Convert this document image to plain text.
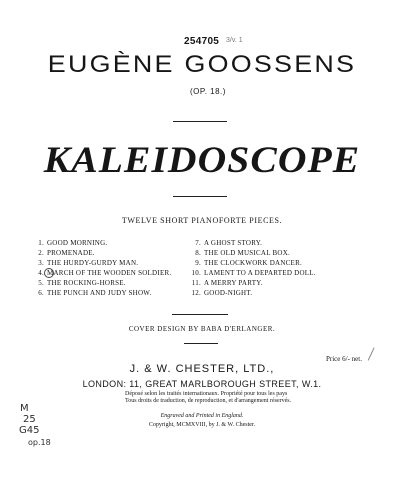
254705 3/v. 1
EUGÈNE GOOSSENS
(OP. 18.)
KALEIDOSCOPE
TWELVE SHORT PIANOFORTE PIECES.
1. GOOD MORNING.
2. PROMENADE.
3. THE HURDY-GURDY MAN.
4. MARCH OF THE WOODEN SOLDIER.
5. THE ROCKING-HORSE.
6. THE PUNCH AND JUDY SHOW.
7. A GHOST STORY.
8. THE OLD MUSICAL BOX.
9. THE CLOCKWORK DANCER.
10. LAMENT TO A DEPARTED DOLL.
11. A MERRY PARTY.
12. GOOD-NIGHT.
COVER DESIGN BY BABA D'ERLANGER.
Price 6/- net.
J. & W. CHESTER, LTD.,
LONDON: 11, GREAT MARLBOROUGH STREET, W.1.
Déposé selon les traités internationaux. Propriété pour tous les pays
Tous droits de traduction, de reproduction, et d'arrangement réservés.
Engraved and Printed in England.
Copyright, MCMXVIII, by J. & W. Chester.
M
25
G45
op.18
